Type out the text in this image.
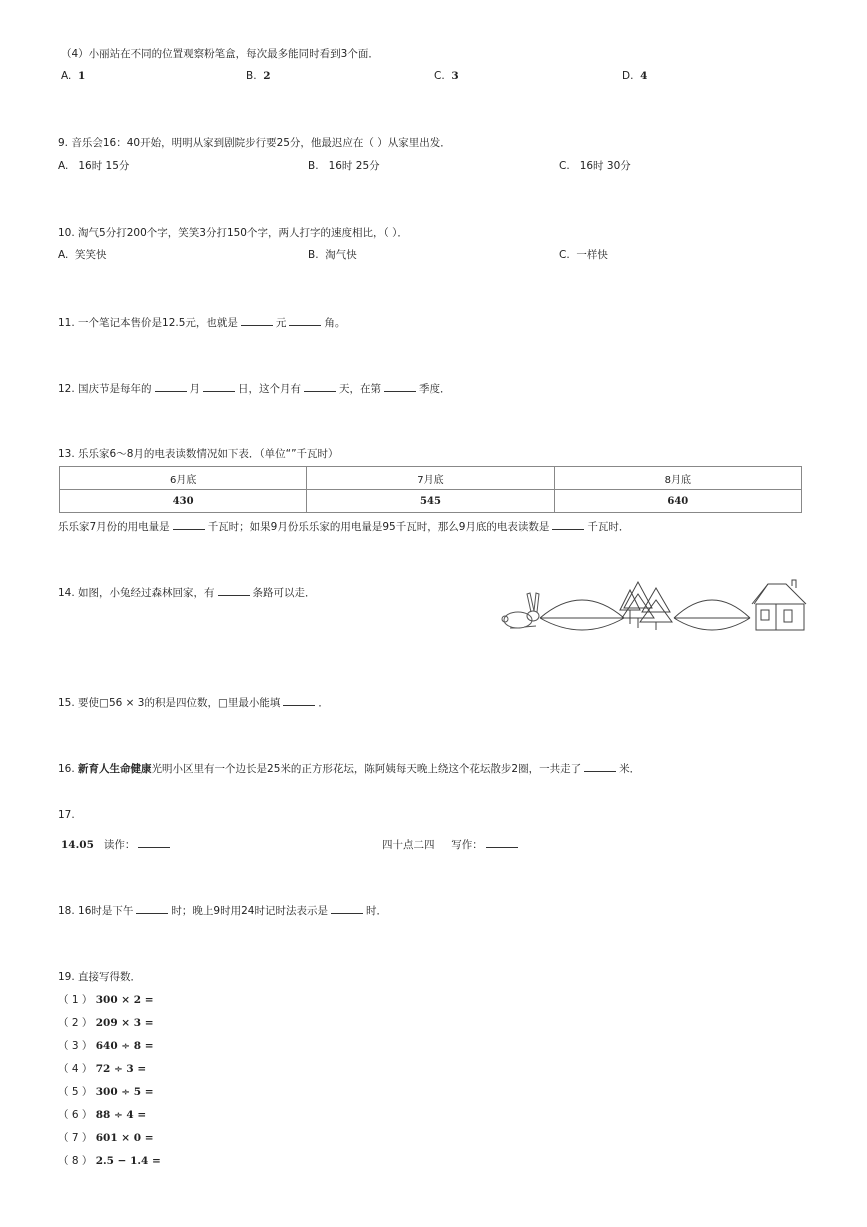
（4）小丽站在不同的位置观察粉笔盒，每次最多能同时看到3个面．
A. 1	B. 2	C. 3	D. 4
9. 音乐会16：40开始，明明从家到剧院步行要25分，他最迟应在（ ）从家里出发．
A. 16时 15分	B. 16时 25分	C. 16时 30分
10. 淘气5分打200个字，笑笑3分打150个字，两人打字的速度相比，（ ）．
A. 笑笑快	B. 淘气快	C. 一样快
11. 一个笔记本售价是12.5元，也就是	元	角。
12. 国庆节是每年的	月	日，这个月有	天，在第	季度．
13. 乐乐家6～8月的电表读数情况如下表．（单位“”千瓦时）
6月底	7月底	8月底
430	545	640
乐乐家7月份的用电量是	千瓦时；如果9月份乐乐家的用电量是95千瓦时，那么9月底的电表读数是	千瓦时．
14. 如图，小兔经过森林回家，有	条路可以走．
15. 要使□56 × 3的积是四位数，□里最小能填	．
16. 新育人生命健康光明小区里有一个边长是25米的正方形花坛，陈阿姨每天晚上绕这个花坛散步2圈，一共走了	米．
17.
14.05 读作：	四十点二四 写作：
18. 16时是下午	时；晚上9时用24时记时法表示是	时．
19. 直接写得数．
（ 1 ） 300 × 2 =
（ 2 ） 209 × 3 =
（ 3 ） 640 ÷ 8 =
（ 4 ） 72 ÷ 3 =
（ 5 ） 300 ÷ 5 =
（ 6 ） 88 ÷ 4 =
（ 7 ） 601 × 0 =
（ 8 ） 2.5 − 1.4 =
